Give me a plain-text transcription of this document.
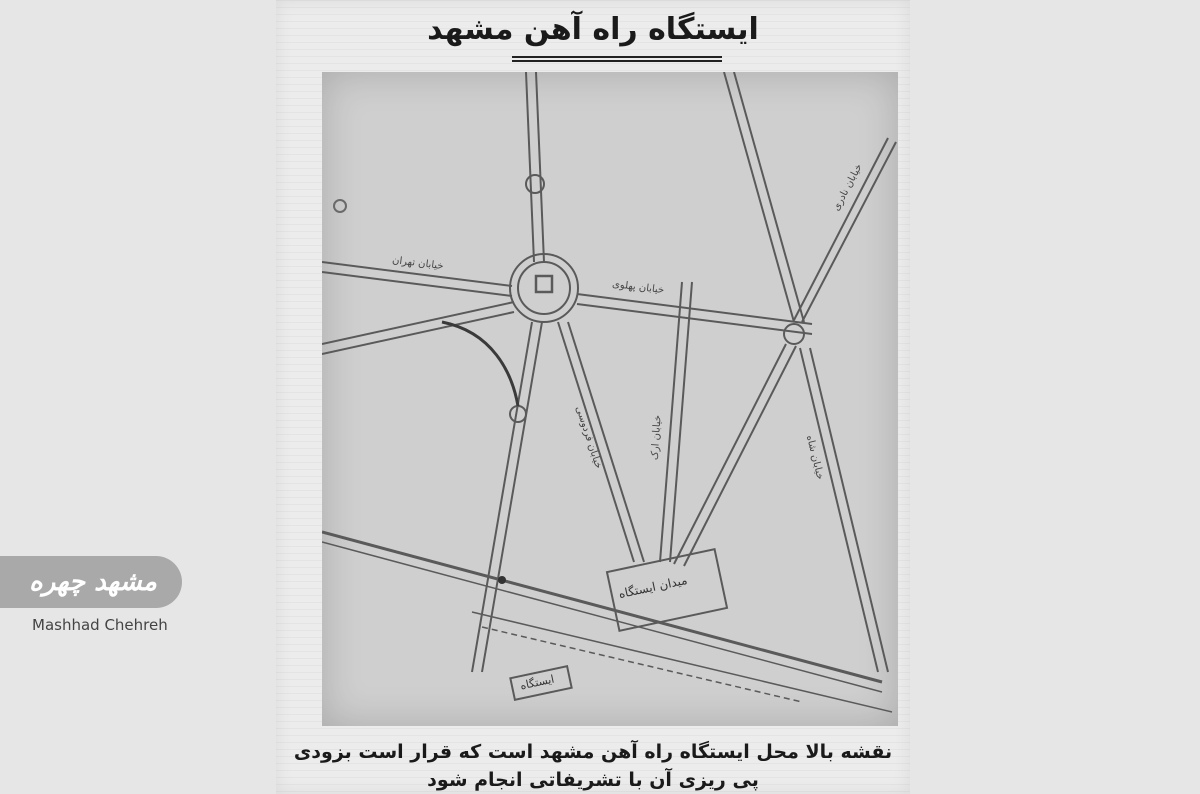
ایستگاه راه آهن مشهد
میدان ایستگاه
ایستگاه
خیابان تهران
خیابان پهلوی
خیابان نادری
خیابان فردوسی	خیابان ارک	خیابان شاه
نقشه بالا محل ایستگاه راه آهن مشهد است که قرار است بزودی
پی ریزی آن با تشریفاتی انجام شود
مشهد چهره
Mashhad Chehreh
